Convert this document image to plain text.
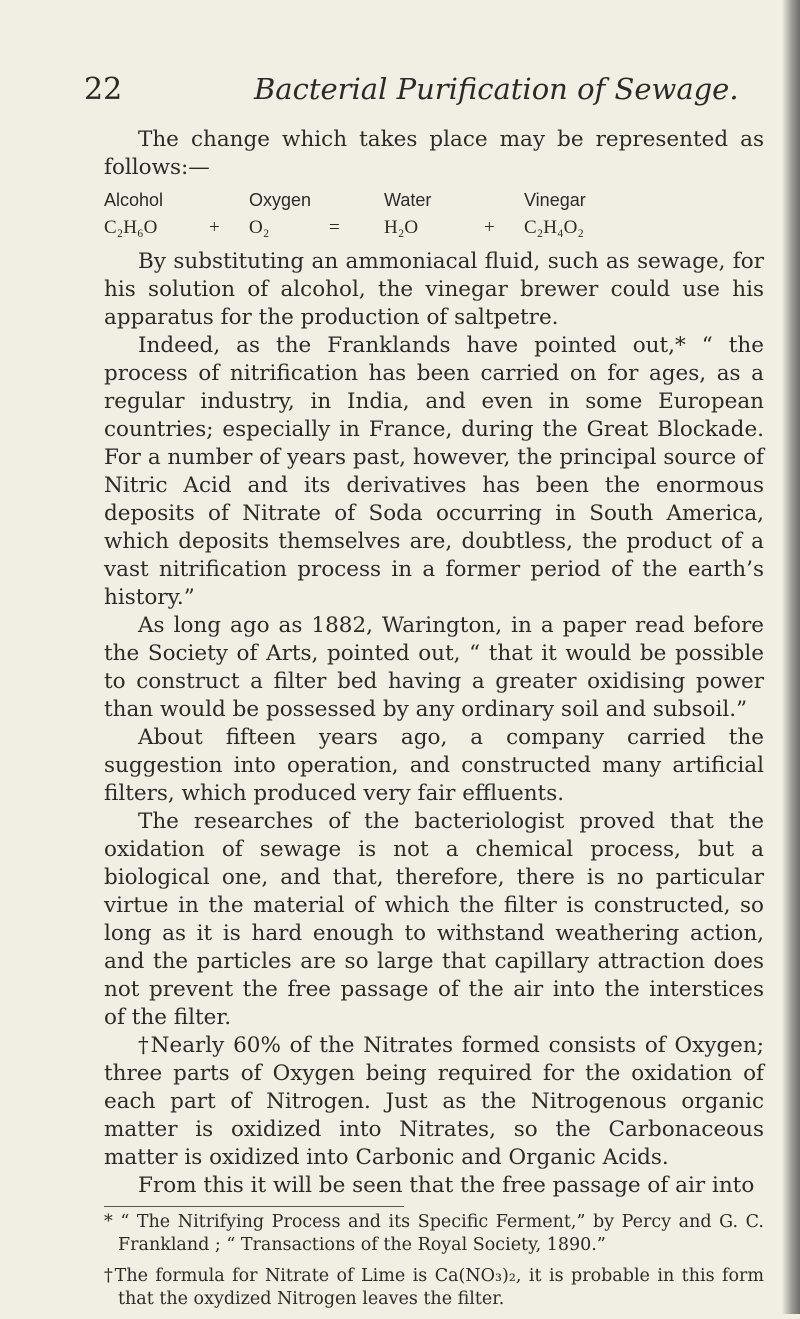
22	Bacterial Purification of Sewage.

The change which takes place may be represented as follows:—

Alcohol	Oxygen	Water	Vinegar
C₂H₆O	+	O₂	=	H₂O	+	C₂H₄O₂

By substituting an ammoniacal fluid, such as sewage, for his solution of alcohol, the vinegar brewer could use his apparatus for the production of saltpetre.

Indeed, as the Franklands have pointed out,* “ the process of nitrification has been carried on for ages, as a regular industry, in India, and even in some European countries; especially in France, during the Great Blockade. For a number of years past, however, the principal source of Nitric Acid and its derivatives has been the enormous deposits of Nitrate of Soda occurring in South America, which deposits themselves are, doubtless, the product of a vast nitrification process in a former period of the earth’s history.”

As long ago as 1882, Warington, in a paper read before the Society of Arts, pointed out, “ that it would be possible to construct a filter bed having a greater oxidising power than would be possessed by any ordinary soil and subsoil.”

About fifteen years ago, a company carried the suggestion into operation, and constructed many artificial filters, which produced very fair effluents.

The researches of the bacteriologist proved that the oxidation of sewage is not a chemical process, but a biological one, and that, therefore, there is no particular virtue in the material of which the filter is constructed, so long as it is hard enough to withstand weathering action, and the particles are so large that capillary attraction does not prevent the free passage of the air into the interstices of the filter.

†Nearly 60% of the Nitrates formed consists of Oxygen; three parts of Oxygen being required for the oxidation of each part of Nitrogen. Just as the Nitrogenous organic matter is oxidized into Nitrates, so the Carbonaceous matter is oxidized into Carbonic and Organic Acids.

From this it will be seen that the free passage of air into

* “ The Nitrifying Process and its Specific Ferment,” by Percy and G. C. Frankland ; “ Transactions of the Royal Society, 1890.”

†The formula for Nitrate of Lime is Ca(NO₃)₂, it is probable in this form that the oxydized Nitrogen leaves the filter.
